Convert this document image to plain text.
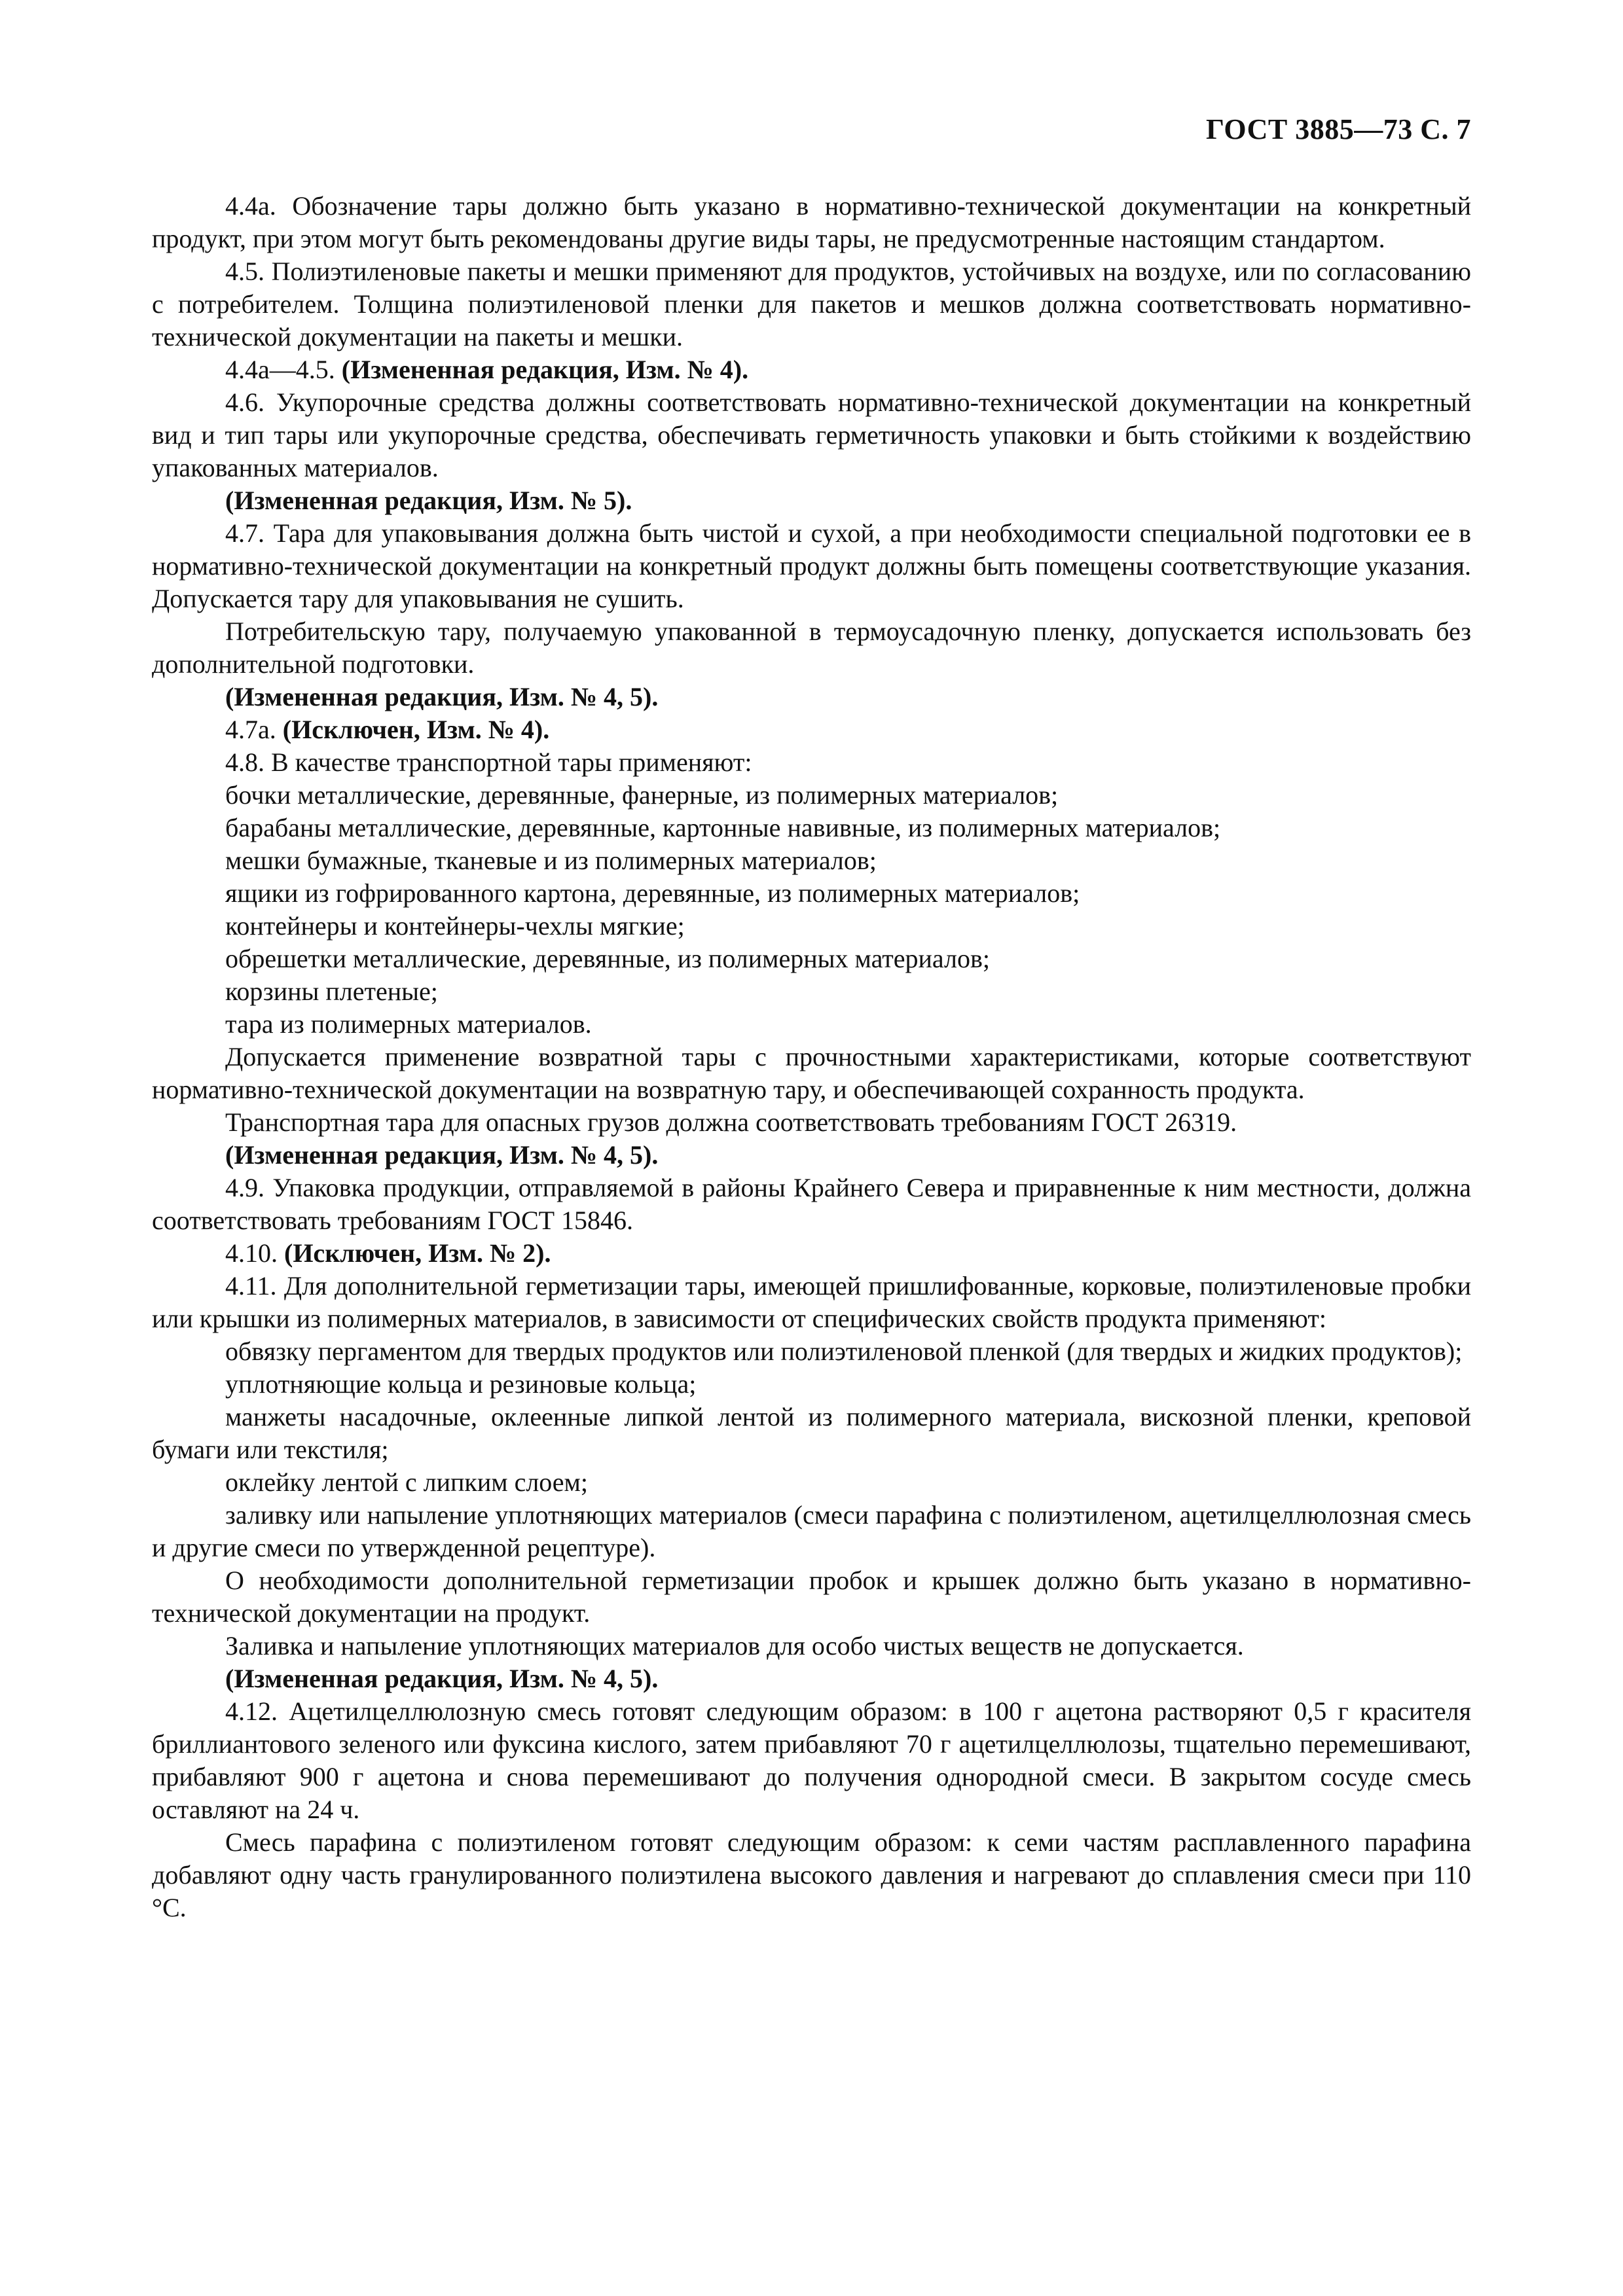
ГОСТ 3885—73 С. 7

4.4а. Обозначение тары должно быть указано в нормативно-технической документации на конкретный продукт, при этом могут быть рекомендованы другие виды тары, не предусмотренные настоящим стандартом.

4.5. Полиэтиленовые пакеты и мешки применяют для продуктов, устойчивых на воздухе, или по согласованию с потребителем. Толщина полиэтиленовой пленки для пакетов и мешков должна соответствовать нормативно-технической документации на пакеты и мешки.

4.4а—4.5. (Измененная редакция, Изм. № 4).

4.6. Укупорочные средства должны соответствовать нормативно-технической документации на конкретный вид и тип тары или укупорочные средства, обеспечивать герметичность упаковки и быть стойкими к воздействию упакованных материалов.

(Измененная редакция, Изм. № 5).

4.7. Тара для упаковывания должна быть чистой и сухой, а при необходимости специальной подготовки ее в нормативно-технической документации на конкретный продукт должны быть помещены соответствующие указания. Допускается тару для упаковывания не сушить.

Потребительскую тару, получаемую упакованной в термоусадочную пленку, допускается использовать без дополнительной подготовки.

(Измененная редакция, Изм. № 4, 5).

4.7а. (Исключен, Изм. № 4).

4.8. В качестве транспортной тары применяют:

бочки металлические, деревянные, фанерные, из полимерных материалов;

барабаны металлические, деревянные, картонные навивные, из полимерных материалов;

мешки бумажные, тканевые и из полимерных материалов;

ящики из гофрированного картона, деревянные, из полимерных материалов;

контейнеры и контейнеры-чехлы мягкие;

обрешетки металлические, деревянные, из полимерных материалов;

корзины плетеные;

тара из полимерных материалов.

Допускается применение возвратной тары с прочностными характеристиками, которые соответствуют нормативно-технической документации на возвратную тару, и обеспечивающей сохранность продукта.

Транспортная тара для опасных грузов должна соответствовать требованиям ГОСТ 26319.

(Измененная редакция, Изм. № 4, 5).

4.9. Упаковка продукции, отправляемой в районы Крайнего Севера и приравненные к ним местности, должна соответствовать требованиям ГОСТ 15846.

4.10. (Исключен, Изм. № 2).

4.11. Для дополнительной герметизации тары, имеющей пришлифованные, корковые, полиэтиленовые пробки или крышки из полимерных материалов, в зависимости от специфических свойств продукта применяют:

обвязку пергаментом для твердых продуктов или полиэтиленовой пленкой (для твердых и жидких продуктов);

уплотняющие кольца и резиновые кольца;

манжеты насадочные, оклеенные липкой лентой из полимерного материала, вискозной пленки, креповой бумаги или текстиля;

оклейку лентой с липким слоем;

заливку или напыление уплотняющих материалов (смеси парафина с полиэтиленом, ацетилцеллюлозная смесь и другие смеси по утвержденной рецептуре).

О необходимости дополнительной герметизации пробок и крышек должно быть указано в нормативно-технической документации на продукт.

Заливка и напыление уплотняющих материалов для особо чистых веществ не допускается.

(Измененная редакция, Изм. № 4, 5).

4.12. Ацетилцеллюлозную смесь готовят следующим образом: в 100 г ацетона растворяют 0,5 г красителя бриллиантового зеленого или фуксина кислого, затем прибавляют 70 г ацетилцеллюлозы, тщательно перемешивают, прибавляют 900 г ацетона и снова перемешивают до получения однородной смеси. В закрытом сосуде смесь оставляют на 24 ч.

Смесь парафина с полиэтиленом готовят следующим образом: к семи частям расплавленного парафина добавляют одну часть гранулированного полиэтилена высокого давления и нагревают до сплавления смеси при 110 °С.
